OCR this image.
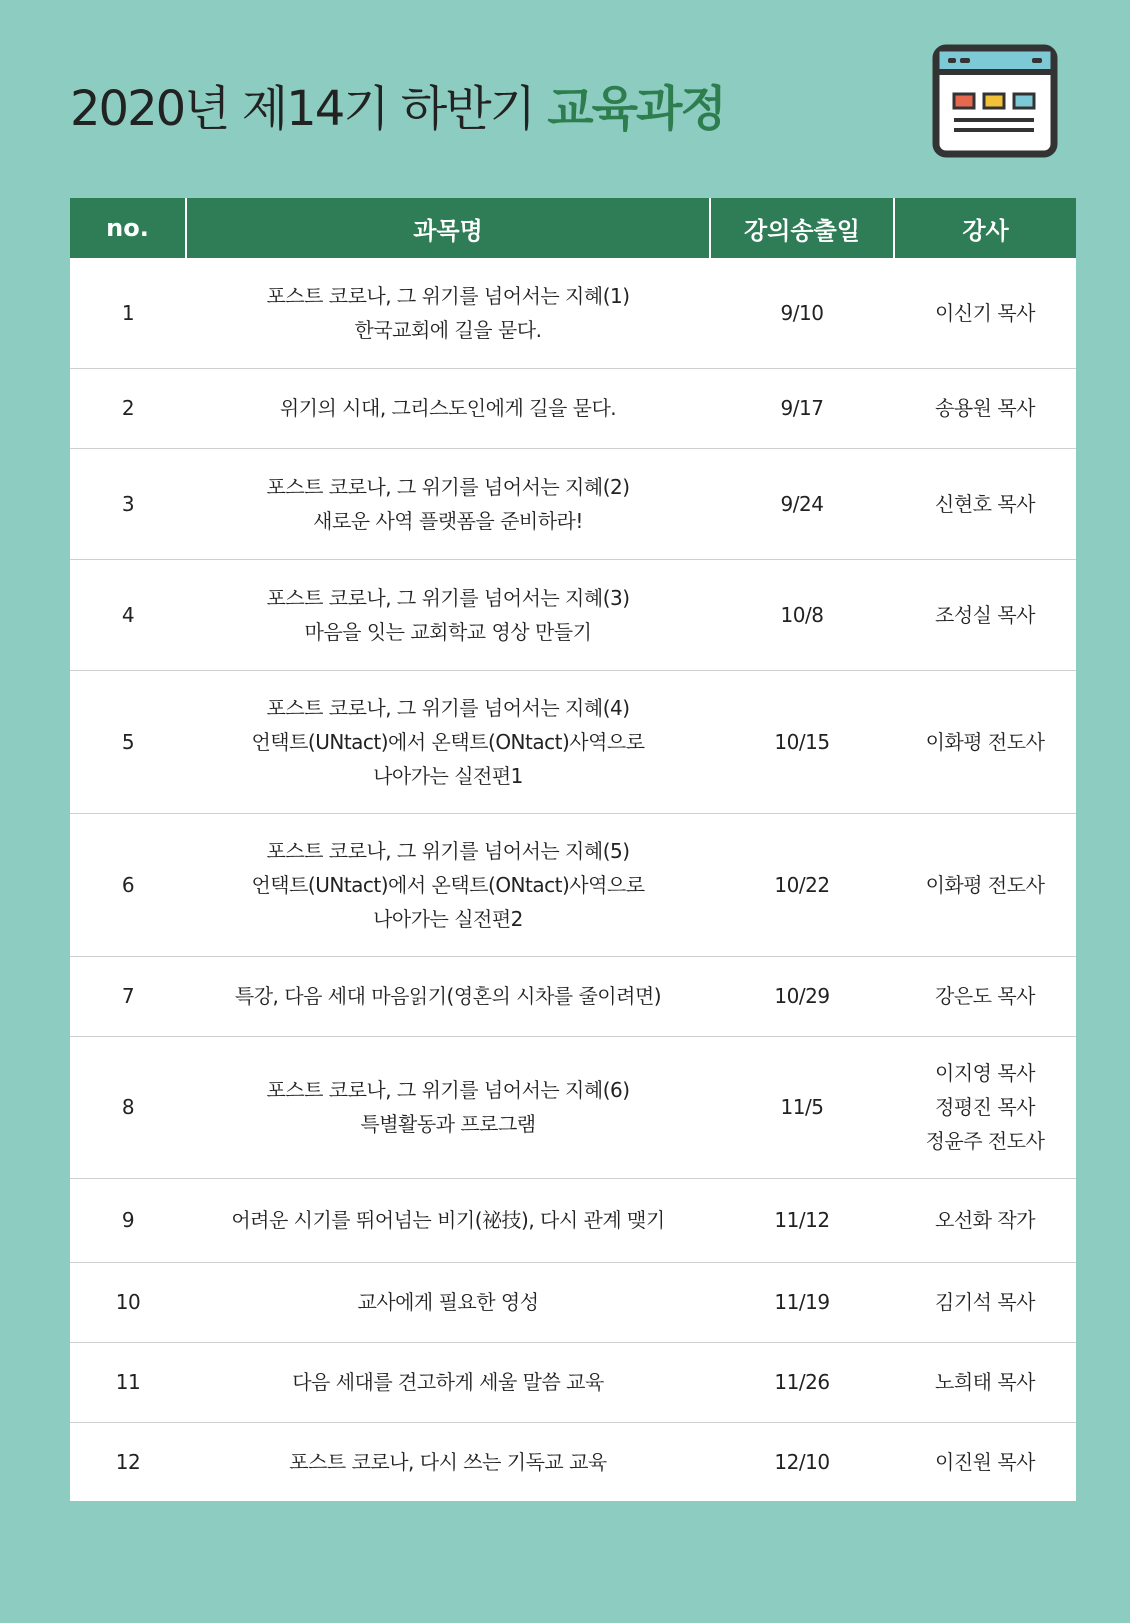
2020년 제14기 하반기 교육과정
no.	과목명	강의송출일	강사
1	포스트 코로나, 그 위기를 넘어서는 지혜(1)
한국교회에 길을 묻다.	9/10	이신기 목사

2	위기의 시대, 그리스도인에게 길을 묻다.	9/17	송용원 목사

3	포스트 코로나, 그 위기를 넘어서는 지혜(2)
새로운 사역 플랫폼을 준비하라!	9/24	신현호 목사

4	포스트 코로나, 그 위기를 넘어서는 지혜(3)
마음을 잇는 교회학교 영상 만들기	10/8	조성실 목사

5	포스트 코로나, 그 위기를 넘어서는 지혜(4)
언택트(UNtact)에서 온택트(ONtact)사역으로
나아가는 실전편1	10/15	이화평 전도사

6	포스트 코로나, 그 위기를 넘어서는 지혜(5)
언택트(UNtact)에서 온택트(ONtact)사역으로
나아가는 실전편2	10/22	이화평 전도사

7	특강, 다음 세대 마음읽기(영혼의 시차를 줄이려면)	10/29	강은도 목사

8	포스트 코로나, 그 위기를 넘어서는 지혜(6)
특별활동과 프로그램	11/5	이지영 목사
정평진 목사
정윤주 전도사

9	어려운 시기를 뛰어넘는 비기(祕技), 다시 관계 맺기	11/12	오선화 작가

10	교사에게 필요한 영성	11/19	김기석 목사

11	다음 세대를 견고하게 세울 말씀 교육	11/26	노희태 목사

12	포스트 코로나, 다시 쓰는 기독교 교육	12/10	이진원 목사
